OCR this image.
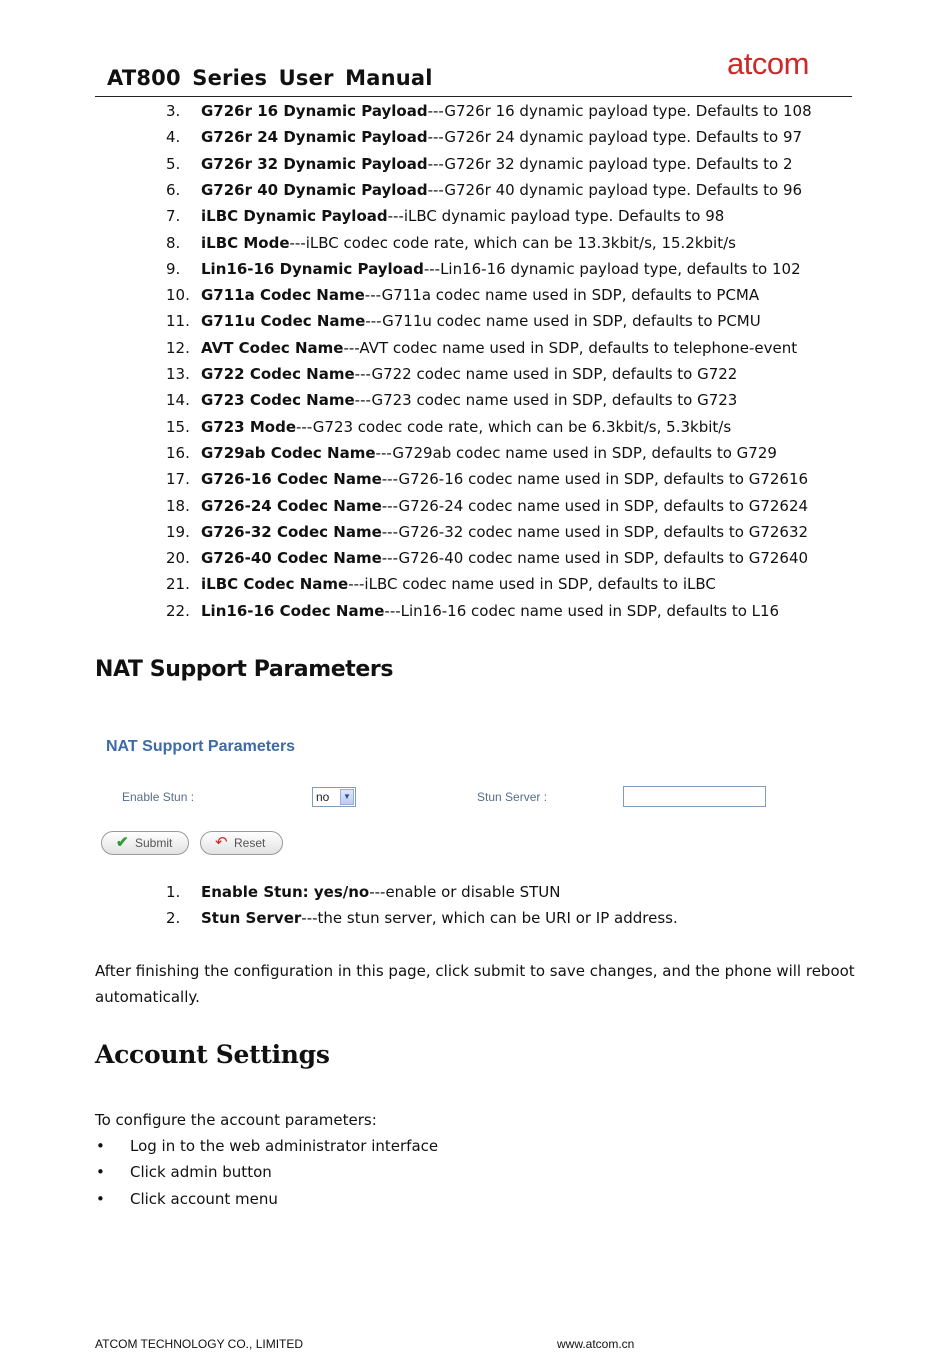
AT800 Series User Manual	atcom
3. G726r 16 Dynamic Payload---G726r 16 dynamic payload type. Defaults to 108
4. G726r 24 Dynamic Payload---G726r 24 dynamic payload type. Defaults to 97
5. G726r 32 Dynamic Payload---G726r 32 dynamic payload type. Defaults to 2
6. G726r 40 Dynamic Payload---G726r 40 dynamic payload type. Defaults to 96
7. iLBC Dynamic Payload---iLBC dynamic payload type. Defaults to 98
8. iLBC Mode---iLBC codec code rate, which can be 13.3kbit/s, 15.2kbit/s
9. Lin16-16 Dynamic Payload---Lin16-16 dynamic payload type, defaults to 102
10. G711a Codec Name---G711a codec name used in SDP, defaults to PCMA
11. G711u Codec Name---G711u codec name used in SDP, defaults to PCMU
12. AVT Codec Name---AVT codec name used in SDP, defaults to telephone-event
13. G722 Codec Name---G722 codec name used in SDP, defaults to G722
14. G723 Codec Name---G723 codec name used in SDP, defaults to G723
15. G723 Mode---G723 codec code rate, which can be 6.3kbit/s, 5.3kbit/s
16. G729ab Codec Name---G729ab codec name used in SDP, defaults to G729
17. G726-16 Codec Name---G726-16 codec name used in SDP, defaults to G72616
18. G726-24 Codec Name---G726-24 codec name used in SDP, defaults to G72624
19. G726-32 Codec Name---G726-32 codec name used in SDP, defaults to G72632
20. G726-40 Codec Name---G726-40 codec name used in SDP, defaults to G72640
21. iLBC Codec Name---iLBC codec name used in SDP, defaults to iLBC
22. Lin16-16 Codec Name---Lin16-16 codec name used in SDP, defaults to L16
NAT Support Parameters
NAT Support Parameters
Enable Stun :	no	▼	Stun Server :
✔ Submit	↶ Reset
1. Enable Stun: yes/no---enable or disable STUN
2. Stun Server---the stun server, which can be URI or IP address.
After finishing the configuration in this page, click submit to save changes, and the phone will reboot automatically.
Account Settings
To configure the account parameters:
• Log in to the web administrator interface
• Click admin button
• Click account menu
ATCOM TECHNOLOGY CO., LIMITED	www.atcom.cn
